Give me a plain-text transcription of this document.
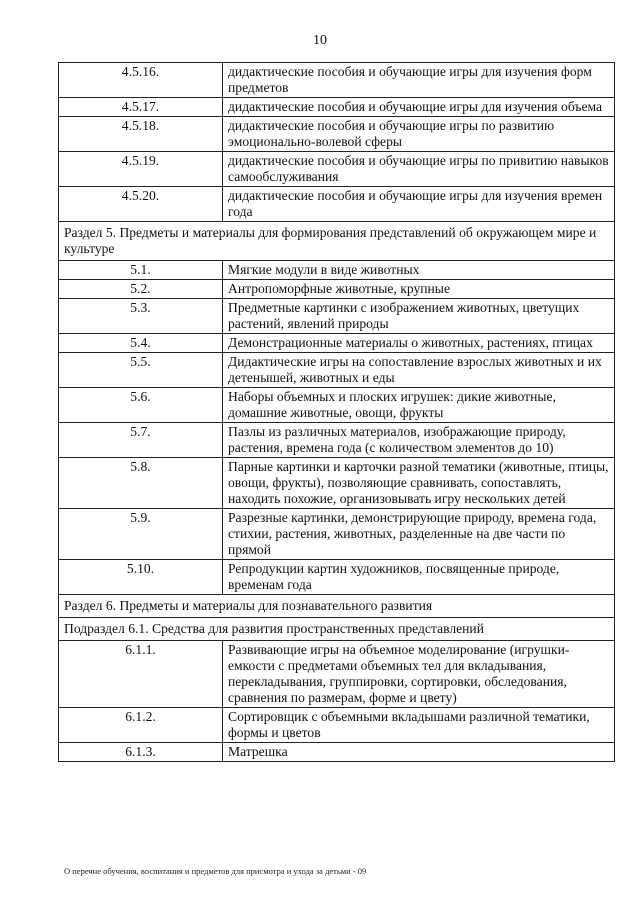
10
4.5.16.	дидактические пособия и обучающие игры для изучения форм предметов
4.5.17.	дидактические пособия и обучающие игры для изучения объема
4.5.18.	дидактические пособия и обучающие игры по развитию эмоционально-волевой сферы
4.5.19.	дидактические пособия и обучающие игры по привитию навыков самообслуживания
4.5.20.	дидактические пособия и обучающие игры для изучения времен года
Раздел 5. Предметы и материалы для формирования представлений об окружающем мире и культуре	
5.1.	Мягкие модули в виде животных
5.2.	Антропоморфные животные, крупные
5.3.	Предметные картинки с изображением животных, цветущих растений, явлений природы
5.4.	Демонстрационные материалы о животных, растениях, птицах
5.5.	Дидактические игры на сопоставление взрослых животных и их детенышей, животных и еды
5.6.	Наборы объемных и плоских игрушек: дикие животные, домашние животные, овощи, фрукты
5.7.	Пазлы из различных материалов, изображающие природу, растения, времена года (с количеством элементов до 10)
5.8.	Парные картинки и карточки разной тематики (животные, птицы, овощи, фрукты), позволяющие сравнивать, сопоставлять, находить похожие, организовывать игру нескольких детей
5.9.	Разрезные картинки, демонстрирующие природу, времена года, стихии, растения, животных, разделенные на две части по прямой
5.10.	Репродукции картин художников, посвященные природе, временам года
Раздел 6. Предметы и материалы для познавательного развития	
Подраздел 6.1. Средства для развития пространственных представлений	
6.1.1.	Развивающие игры на объемное моделирование (игрушки-емкости с предметами объемных тел для вкладывания, перекладывания, группировки, сортировки, обследования, сравнения по размерам, форме и цвету)
6.1.2.	Сортировщик с объемными вкладышами различной тематики, формы и цветов
6.1.3.	Матрешка
О перечне обучения, воспитания и предметов для присмотра и ухода за детьми - 09
